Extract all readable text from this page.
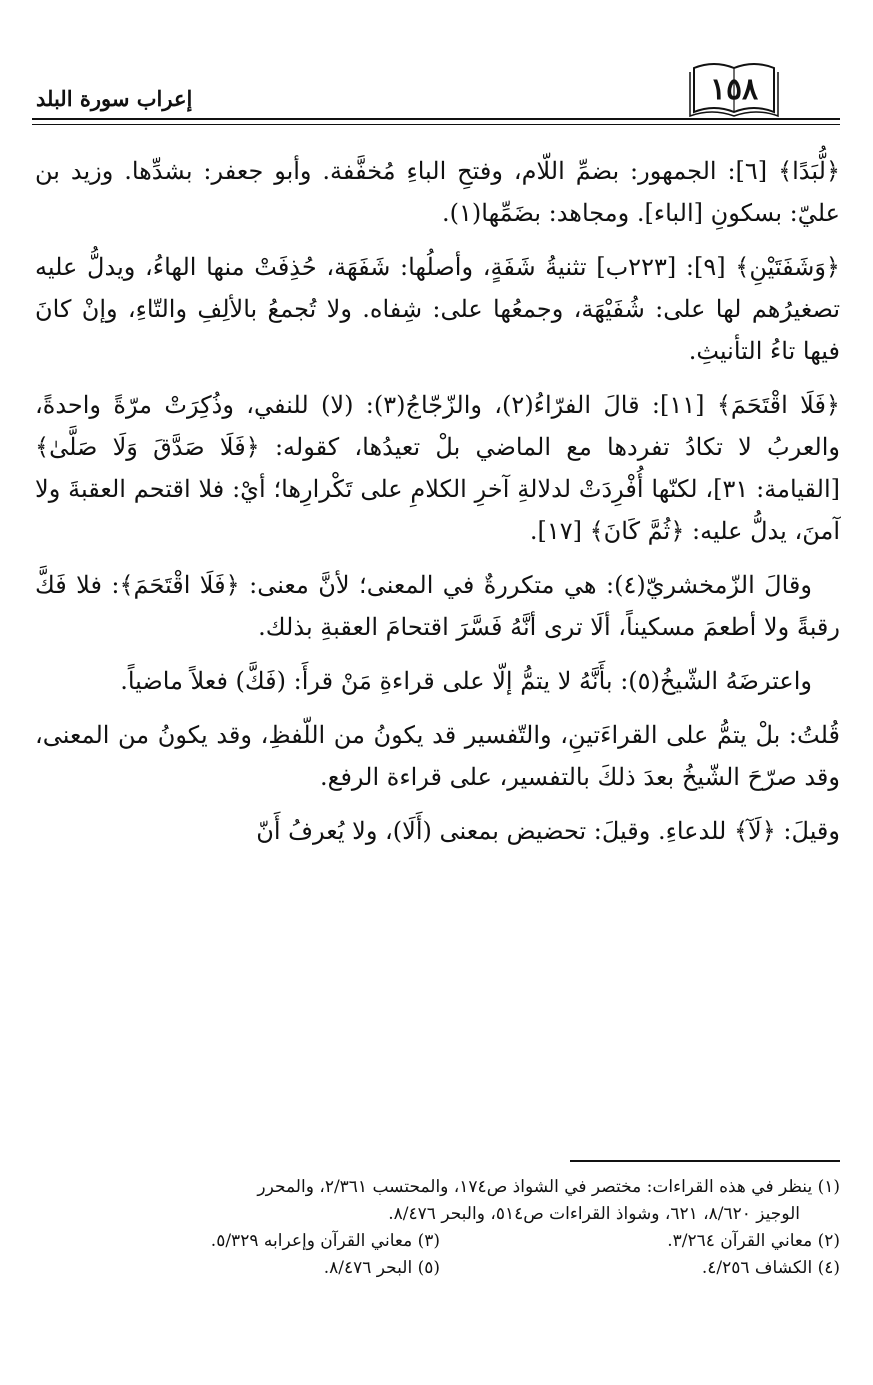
إعراب سورة البلد	١٥٨

﴿لُّبَدًا﴾ [٦]: الجمهور: بضمِّ اللّام، وفتحِ الباءِ مُخفَّفة. وأبو جعفر: بشدِّها. وزيد بن عليّ: بسكونِ [الباء]. ومجاهد: بضَمِّها(١).

﴿وَشَفَتَيْنِ﴾ [٩]: [٢٢٣ب] تثنيةُ شَفَةٍ، وأصلُها: شَفَهَة، حُذِفَتْ منها الهاءُ، ويدلُّ عليه تصغيرُهم لها على: شُفَيْهَة، وجمعُها على: شِفاه. ولا تُجمعُ بالألِفِ والتّاءِ، وإنْ كانَ فيها تاءُ التأنيثِ.

﴿فَلَا اقْتَحَمَ﴾ [١١]: قالَ الفرّاءُ(٢)، والزّجّاجُ(٣): (لا) للنفي، وذُكِرَتْ مرّةً واحدةً، والعربُ لا تكادُ تفردها مع الماضي بلْ تعيدُها، كقوله: ﴿فَلَا صَدَّقَ وَلَا صَلَّىٰ﴾ [القيامة: ٣١]، لكنّها أُفْرِدَتْ لدلالةِ آخرِ الكلامِ على تَكْرارِها؛ أيْ: فلا اقتحم العقبةَ ولا آمنَ، يدلُّ عليه: ﴿ثُمَّ كَانَ﴾ [١٧].

وقالَ الزّمخشريّ(٤): هي متكررةٌ في المعنى؛ لأنَّ معنى: ﴿فَلَا اقْتَحَمَ﴾: فلا فَكَّ رقبةً ولا أطعمَ مسكيناً، ألَا ترى أنَّهُ فَسَّرَ اقتحامَ العقبةِ بذلك.

واعترضَهُ الشّيخُ(٥): بأَنَّهُ لا يتمُّ إلّا على قراءةِ مَنْ قرأَ: (فَكَّ) فعلاً ماضياً.

قُلتُ: بلْ يتمُّ على القراءَتينِ، والتّفسير قد يكونُ من اللّفظِ، وقد يكونُ من المعنى، وقد صرّحَ الشّيخُ بعدَ ذلكَ بالتفسير، على قراءة الرفع.

وقيلَ: ﴿لَآ﴾ للدعاءِ. وقيلَ: تحضيض بمعنى (أَلَا)، ولا يُعرفُ أَنّ

(١) ينظر في هذه القراءات: مختصر في الشواذ ص١٧٤، والمحتسب ٢/٣٦١، والمحرر

الوجيز ٨/٦٢٠، ٦٢١، وشواذ القراءات ص٥١٤، والبحر ٨/٤٧٦.

(٢) معاني القرآن ٣/٢٦٤.
(٣) معاني القرآن وإعرابه ٥/٣٢٩.
(٤) الكشاف ٤/٢٥٦.
(٥) البحر ٨/٤٧٦.
